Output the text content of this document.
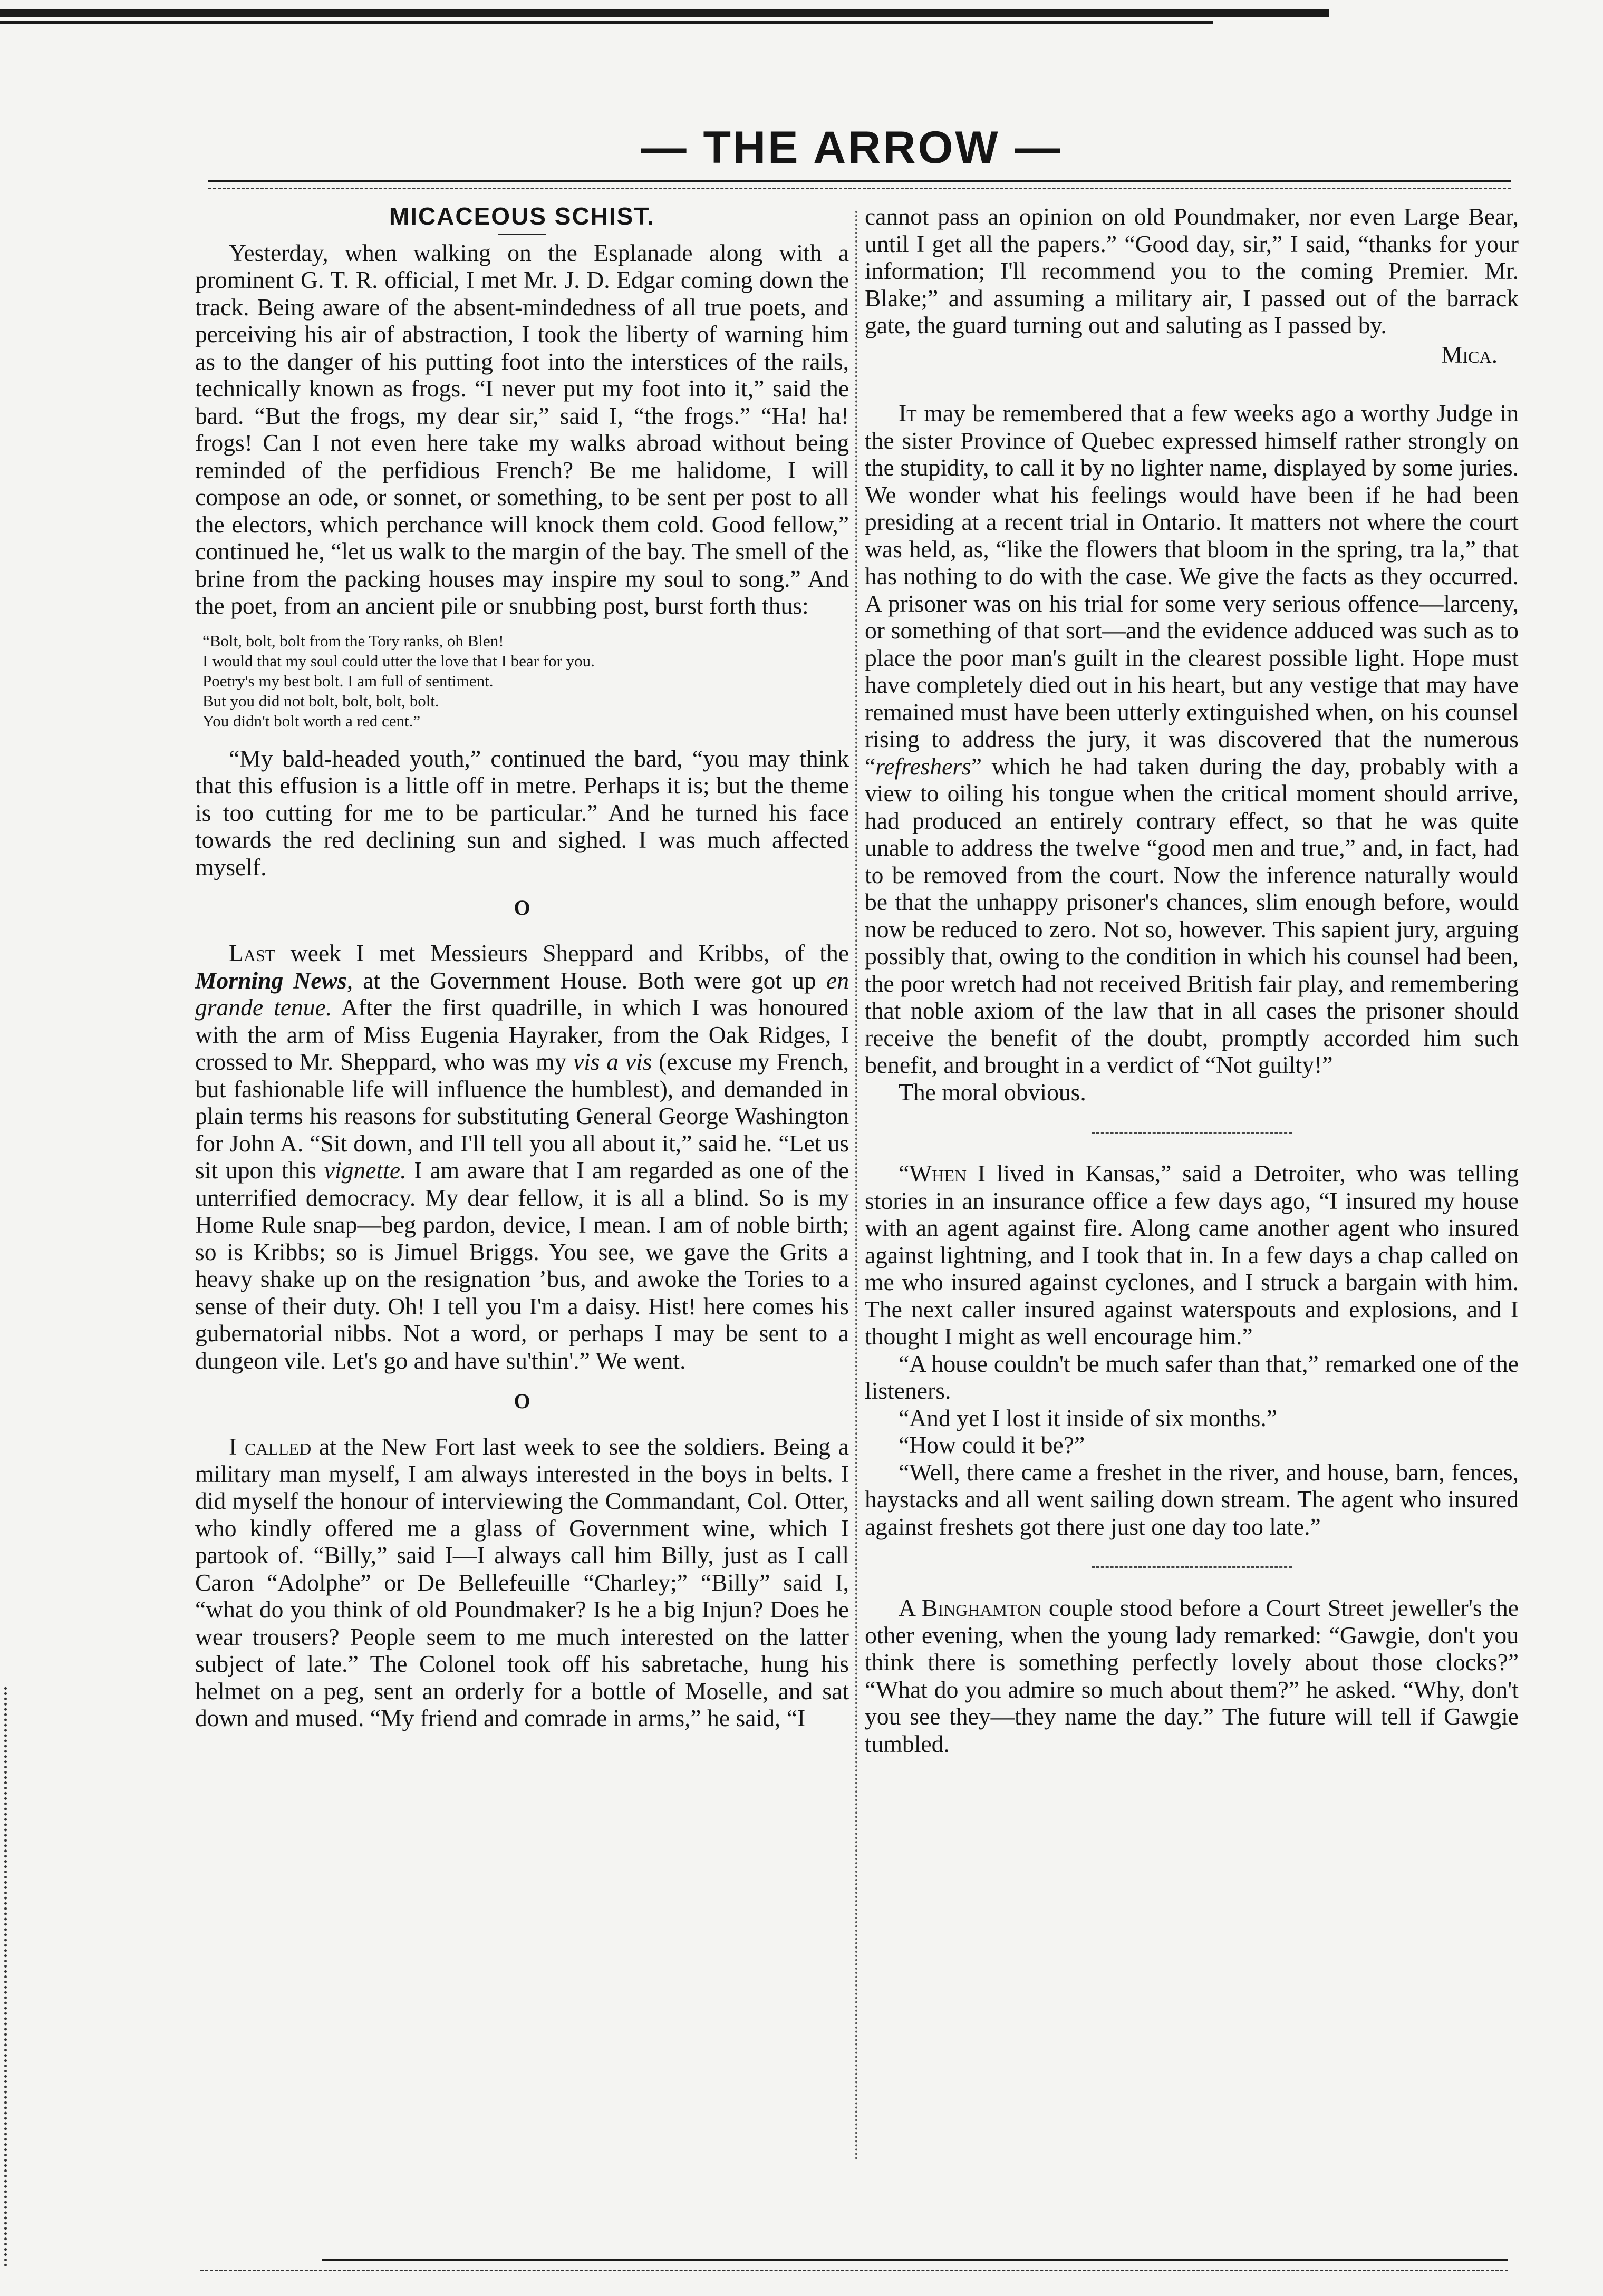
— THE ARROW —
MICACEOUS SCHIST.

Yesterday, when walking on the Esplanade along with a prominent G. T. R. official, I met Mr. J. D. Edgar coming down the track. Being aware of the absent-mindedness of all true poets, and perceiving his air of abstraction, I took the liberty of warning him as to the danger of his putting foot into the interstices of the rails, technically known as frogs. “I never put my foot into it,” said the bard. “But the frogs, my dear sir,” said I, “the frogs.” “Ha! ha! frogs! Can I not even here take my walks abroad without being reminded of the perfidious French? Be me halidome, I will compose an ode, or sonnet, or something, to be sent per post to all the electors, which perchance will knock them cold. Good fellow,” continued he, “let us walk to the margin of the bay. The smell of the brine from the packing houses may inspire my soul to song.” And the poet, from an ancient pile or snubbing post, burst forth thus:

“Bolt, bolt, bolt from the Tory ranks, oh Blen!
I would that my soul could utter the love that I bear for you.
Poetry's my best bolt. I am full of sentiment.
But you did not bolt, bolt, bolt, bolt.
You didn't bolt worth a red cent.”

“My bald-headed youth,” continued the bard, “you may think that this effusion is a little off in metre. Perhaps it is; but the theme is too cutting for me to be particular.” And he turned his face towards the red declining sun and sighed. I was much affected myself.

O

Last week I met Messieurs Sheppard and Kribbs, of the Morning News, at the Government House. Both were got up en grande tenue. After the first quadrille, in which I was honoured with the arm of Miss Eugenia Hayraker, from the Oak Ridges, I crossed to Mr. Sheppard, who was my vis a vis (excuse my French, but fashionable life will influence the humblest), and demanded in plain terms his reasons for substituting General George Washington for John A. “Sit down, and I'll tell you all about it,” said he. “Let us sit upon this vignette. I am aware that I am regarded as one of the unterrified democracy. My dear fellow, it is all a blind. So is my Home Rule snap—beg pardon, device, I mean. I am of noble birth; so is Kribbs; so is Jimuel Briggs. You see, we gave the Grits a heavy shake up on the resignation ’bus, and awoke the Tories to a sense of their duty. Oh! I tell you I'm a daisy. Hist! here comes his gubernatorial nibbs. Not a word, or perhaps I may be sent to a dungeon vile. Let's go and have su'thin'.” We went.

O

I called at the New Fort last week to see the soldiers. Being a military man myself, I am always interested in the boys in belts. I did myself the honour of interviewing the Commandant, Col. Otter, who kindly offered me a glass of Government wine, which I partook of. “Billy,” said I—I always call him Billy, just as I call Caron “Adolphe” or De Bellefeuille “Charley;” “Billy” said I, “what do you think of old Poundmaker? Is he a big Injun? Does he wear trousers? People seem to me much interested on the latter subject of late.” The Colonel took off his sabretache, hung his helmet on a peg, sent an orderly for a bottle of Moselle, and sat down and mused. “My friend and comrade in arms,” he said, “I

cannot pass an opinion on old Poundmaker, nor even Large Bear, until I get all the papers.” “Good day, sir,” I said, “thanks for your information; I'll recommend you to the coming Premier. Mr. Blake;” and assuming a military air, I passed out of the barrack gate, the guard turning out and saluting as I passed by.

Mica.

It may be remembered that a few weeks ago a worthy Judge in the sister Province of Quebec expressed himself rather strongly on the stupidity, to call it by no lighter name, displayed by some juries. We wonder what his feelings would have been if he had been presiding at a recent trial in Ontario. It matters not where the court was held, as, “like the flowers that bloom in the spring, tra la,” that has nothing to do with the case. We give the facts as they occurred. A prisoner was on his trial for some very serious offence—larceny, or something of that sort—and the evidence adduced was such as to place the poor man's guilt in the clearest possible light. Hope must have completely died out in his heart, but any vestige that may have remained must have been utterly extinguished when, on his counsel rising to address the jury, it was discovered that the numerous “refreshers” which he had taken during the day, probably with a view to oiling his tongue when the critical moment should arrive, had produced an entirely contrary effect, so that he was quite unable to address the twelve “good men and true,” and, in fact, had to be removed from the court. Now the inference naturally would be that the unhappy prisoner's chances, slim enough before, would now be reduced to zero. Not so, however. This sapient jury, arguing possibly that, owing to the condition in which his counsel had been, the poor wretch had not received British fair play, and remembering that noble axiom of the law that in all cases the prisoner should receive the benefit of the doubt, promptly accorded him such benefit, and brought in a verdict of “Not guilty!”

The moral obvious.

“When I lived in Kansas,” said a Detroiter, who was telling stories in an insurance office a few days ago, “I insured my house with an agent against fire. Along came another agent who insured against lightning, and I took that in. In a few days a chap called on me who insured against cyclones, and I struck a bargain with him. The next caller insured against waterspouts and explosions, and I thought I might as well encourage him.”

“A house couldn't be much safer than that,” remarked one of the listeners.

“And yet I lost it inside of six months.”

“How could it be?”

“Well, there came a freshet in the river, and house, barn, fences, haystacks and all went sailing down stream. The agent who insured against freshets got there just one day too late.”

A Binghamton couple stood before a Court Street jeweller's the other evening, when the young lady remarked: “Gawgie, don't you think there is something perfectly lovely about those clocks?” “What do you admire so much about them?” he asked. “Why, don't you see they—they name the day.” The future will tell if Gawgie tumbled.
